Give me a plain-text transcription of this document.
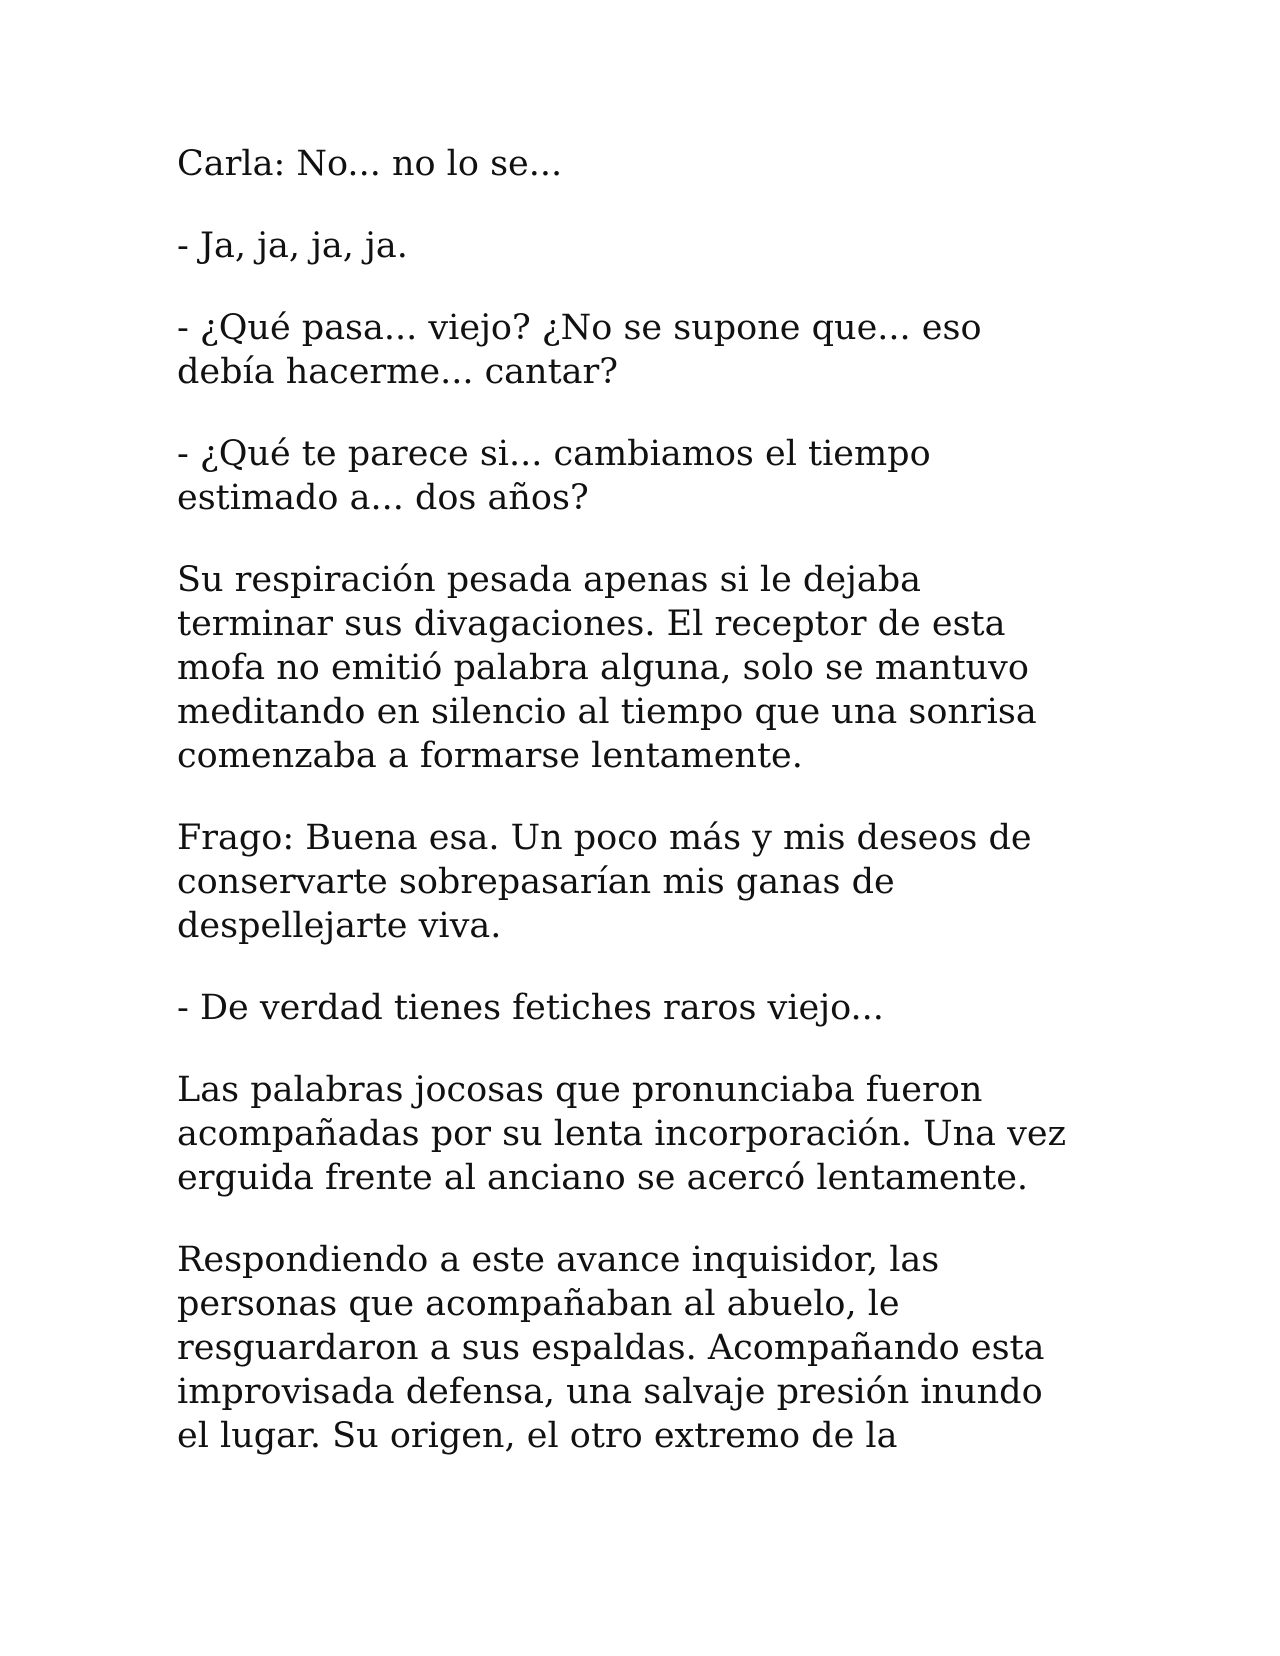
Carla: No... no lo se...

- Ja, ja, ja, ja.

- ¿Qué pasa... viejo? ¿No se supone que... eso
debía hacerme... cantar?

- ¿Qué te parece si... cambiamos el tiempo
estimado a... dos años?

Su respiración pesada apenas si le dejaba
terminar sus divagaciones. El receptor de esta
mofa no emitió palabra alguna, solo se mantuvo
meditando en silencio al tiempo que una sonrisa
comenzaba a formarse lentamente.

Frago: Buena esa. Un poco más y mis deseos de
conservarte sobrepasarían mis ganas de
despellejarte viva.

- De verdad tienes fetiches raros viejo...

Las palabras jocosas que pronunciaba fueron
acompañadas por su lenta incorporación. Una vez
erguida frente al anciano se acercó lentamente.

Respondiendo a este avance inquisidor, las
personas que acompañaban al abuelo, le
resguardaron a sus espaldas. Acompañando esta
improvisada defensa, una salvaje presión inundo
el lugar. Su origen, el otro extremo de la
